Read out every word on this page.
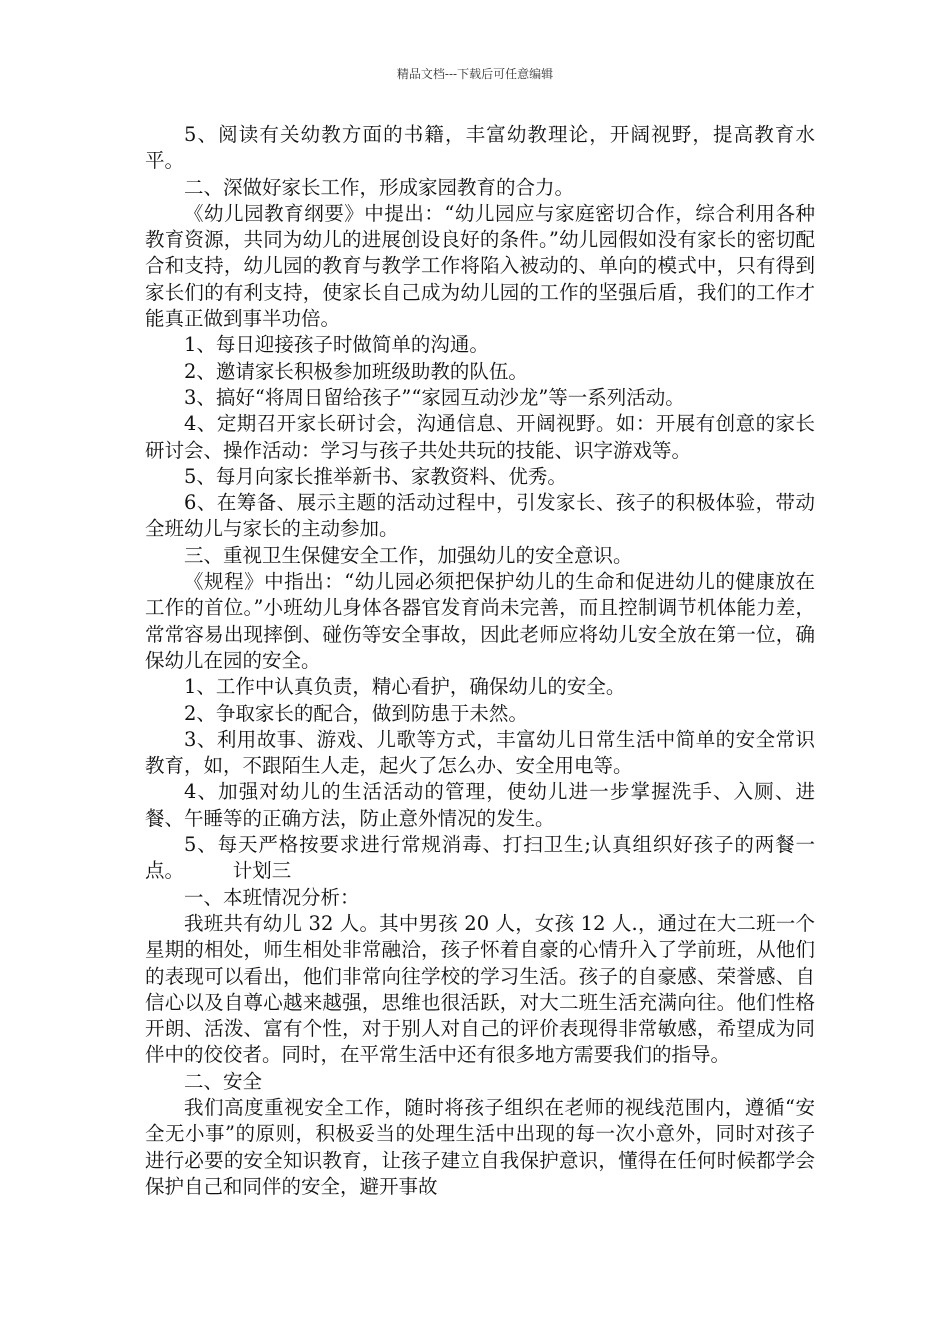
精品文档---下载后可任意编辑

5、阅读有关幼教方面的书籍，丰富幼教理论，开阔视野，提高教育水平。

二、深做好家长工作，形成家园教育的合力。

《幼儿园教育纲要》中提出：“幼儿园应与家庭密切合作，综合利用各种教育资源，共同为幼儿的进展创设良好的条件。”幼儿园假如没有家长的密切配合和支持，幼儿园的教育与教学工作将陷入被动的、单向的模式中，只有得到家长们的有利支持，使家长自己成为幼儿园的工作的坚强后盾，我们的工作才能真正做到事半功倍。

1、每日迎接孩子时做简单的沟通。

2、邀请家长积极参加班级助教的队伍。

3、搞好“将周日留给孩子”“家园互动沙龙”等一系列活动。

4、定期召开家长研讨会，沟通信息、开阔视野。如：开展有创意的家长研讨会、操作活动：学习与孩子共处共玩的技能、识字游戏等。

5、每月向家长推举新书、家教资料、优秀。

6、在筹备、展示主题的活动过程中，引发家长、孩子的积极体验，带动全班幼儿与家长的主动参加。

三、重视卫生保健安全工作，加强幼儿的安全意识。

《规程》中指出：“幼儿园必须把保护幼儿的生命和促进幼儿的健康放在工作的首位。”小班幼儿身体各器官发育尚未完善，而且控制调节机体能力差，常常容易出现摔倒、碰伤等安全事故，因此老师应将幼儿安全放在第一位，确保幼儿在园的安全。

1、工作中认真负责，精心看护，确保幼儿的安全。

2、争取家长的配合，做到防患于未然。

3、利用故事、游戏、儿歌等方式，丰富幼儿日常生活中简单的安全常识教育，如，不跟陌生人走，起火了怎么办、安全用电等。

4、加强对幼儿的生活活动的管理，使幼儿进一步掌握洗手、入厕、进餐、午睡等的正确方法，防止意外情况的发生。

5、每天严格按要求进行常规消毒、打扫卫生;认真组织好孩子的两餐一点。　　　计划三

一、本班情况分析：

我班共有幼儿 32 人。其中男孩 20 人，女孩 12 人.，通过在大二班一个星期的相处，师生相处非常融洽，孩子怀着自豪的心情升入了学前班，从他们的表现可以看出，他们非常向往学校的学习生活。孩子的自豪感、荣誉感、自信心以及自尊心越来越强，思维也很活跃，对大二班生活充满向往。他们性格开朗、活泼、富有个性，对于别人对自己的评价表现得非常敏感，希望成为同伴中的佼佼者。同时，在平常生活中还有很多地方需要我们的指导。

二、安全

我们高度重视安全工作，随时将孩子组织在老师的视线范围内，遵循“安全无小事”的原则，积极妥当的处理生活中出现的每一次小意外，同时对孩子进行必要的安全知识教育，让孩子建立自我保护意识，懂得在任何时候都学会保护自己和同伴的安全，避开事故
